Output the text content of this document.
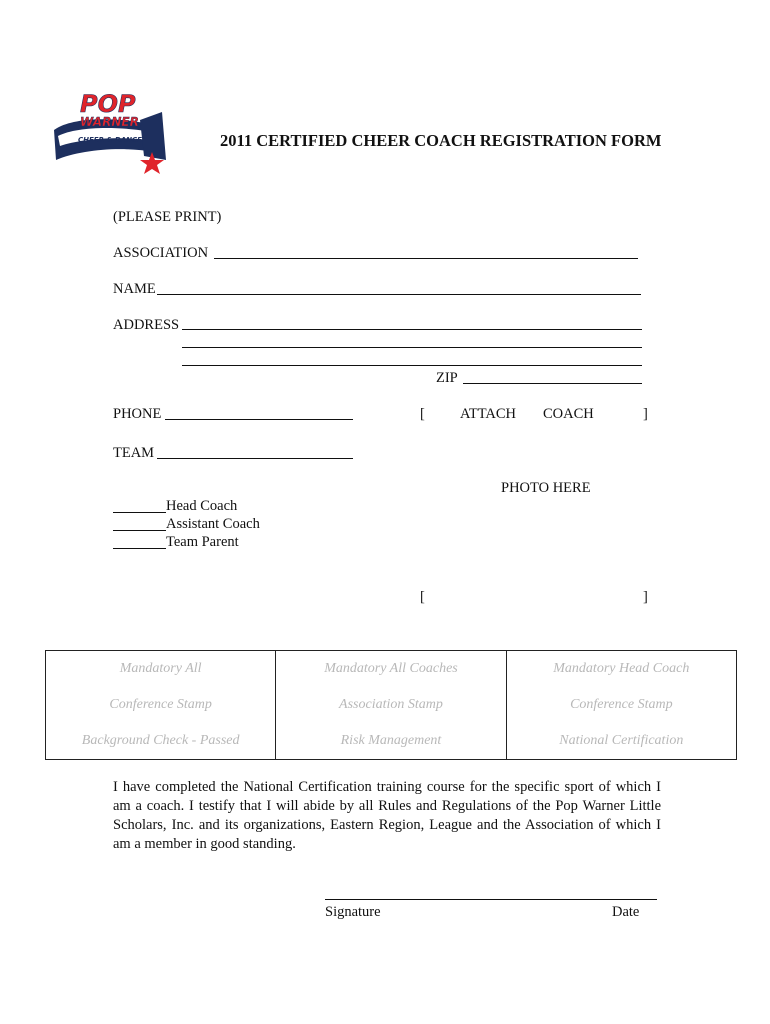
POP
WARNER
CHEER & DANCE	2011 CERTIFIED CHEER COACH REGISTRATION FORM
(PLEASE PRINT)
ASSOCIATION
NAME
ADDRESS
ZIP
PHONE	[ ATTACH COACH	]
PHOTO HERE
[	]
TEAM
Head Coach
Assistant Coach
Team Parent
Mandatory All	Mandatory All Coaches	Mandatory Head Coach
Conference Stamp	Association Stamp	Conference Stamp
Background Check - Passed	Risk Management	National Certification
I have completed the National Certification training course for the specific sport of which I am a coach. I testify that I will abide by all Rules and Regulations of the Pop Warner Little Scholars, Inc. and its organizations, Eastern Region, League and the Association of which I am a member in good standing.
Signature	Date
